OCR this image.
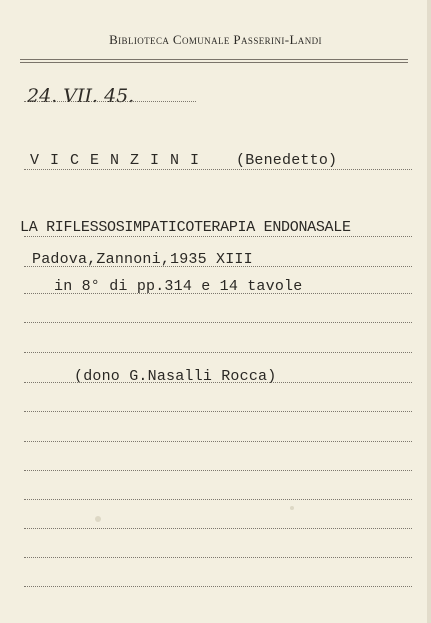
Biblioteca Comunale Passerini-Landi
24. VII. 45.
V I C E N Z I N I (Benedetto)
LA RIFLESSOSIMPATICOTERAPIA ENDONASALE
Padova,Zannoni,1935 XIII
in 8° di pp.314 e 14 tavole
(dono G.Nasalli Rocca)
